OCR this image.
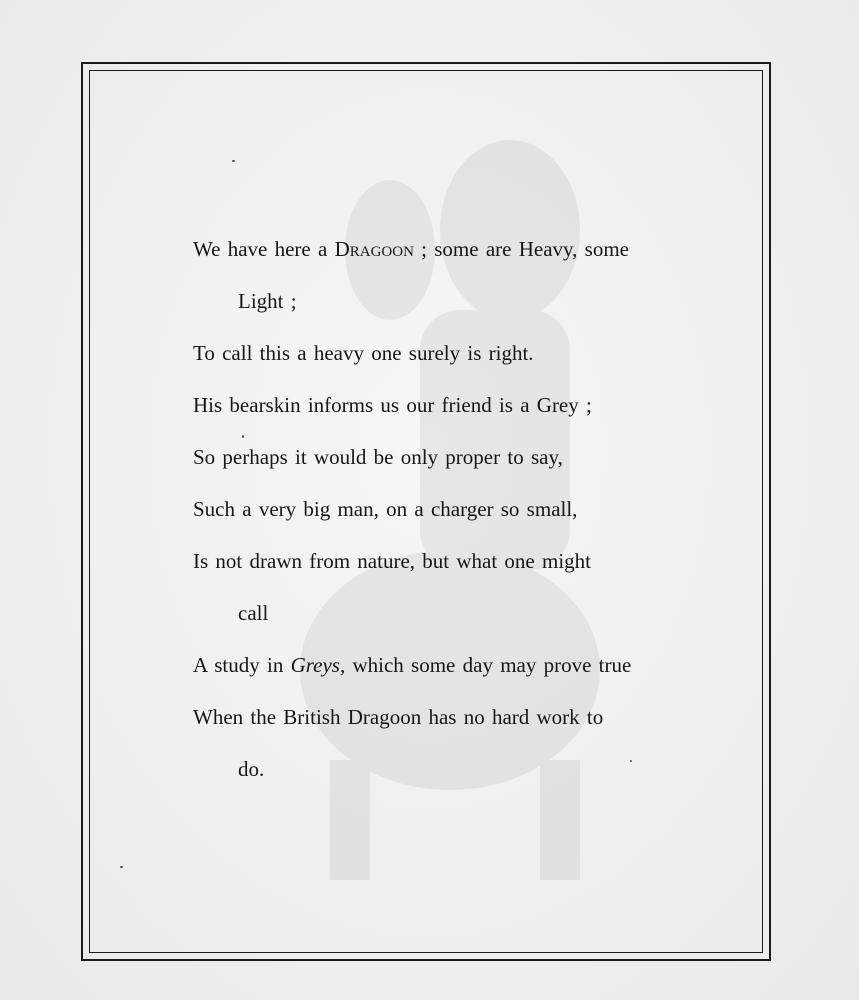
We have here a Dragoon ; some are Heavy, some
Light ;
To call this a heavy one surely is right.
His bearskin informs us our friend is a Grey ;
So perhaps it would be only proper to say,
Such a very big man, on a charger so small,
Is not drawn from nature, but what one might
call
A study in Greys, which some day may prove true
When the British Dragoon has no hard work to
do.
